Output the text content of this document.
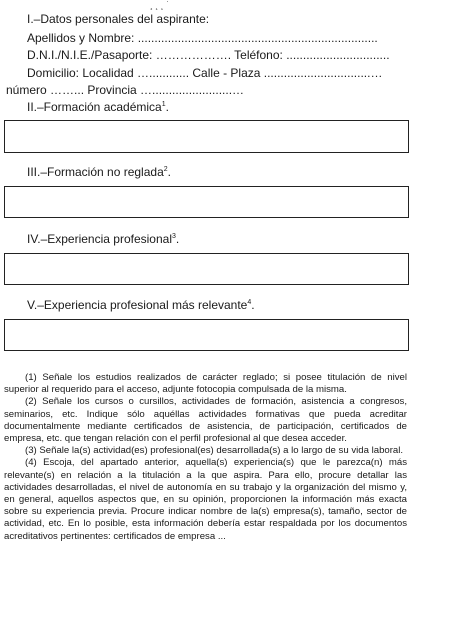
¸ ˛ ˛ ˙
I.–Datos personales del aspirante:
Apellidos y Nombre: ........................................................................
D.N.I./N.I.E./Pasaporte: ………………. Teléfono: ...............................
Domicilio: Localidad …............ Calle - Plaza ................................…
número ……... Provincia …........................…
II.–Formación académica$^1$.
III.–Formación no reglada$^2$.
IV.–Experiencia profesional$^3$.
V.–Experiencia profesional más relevante$^4$.

(1) Señale los estudios realizados de carácter reglado; si posee titulación de nivel superior al requerido para el acceso, adjunte fotocopia compulsada de la misma.

(2) Señale los cursos o cursillos, actividades de formación, asistencia a congresos, seminarios, etc. Indique sólo aquéllas actividades formativas que pueda acreditar documentalmente mediante certificados de asistencia, de participación, certificados de empresa, etc. que tengan relación con el perfil profesional al que desea acceder.

(3) Señale la(s) actividad(es) profesional(es) desarrollada(s) a lo largo de su vida laboral.

(4) Escoja, del apartado anterior, aquella(s) experiencia(s) que le parezca(n) más relevante(s) en relación a la titulación a la que aspira. Para ello, procure detallar las actividades desarrolladas, el nivel de autonomía en su trabajo y la organización del mismo y, en general, aquellos aspectos que, en su opinión, proporcionen la información más exacta sobre su experiencia previa. Procure indicar nombre de la(s) empresa(s), tamaño, sector de actividad, etc. En lo posible, esta información debería estar respaldada por los documentos acreditativos pertinentes: certificados de empresa ...
